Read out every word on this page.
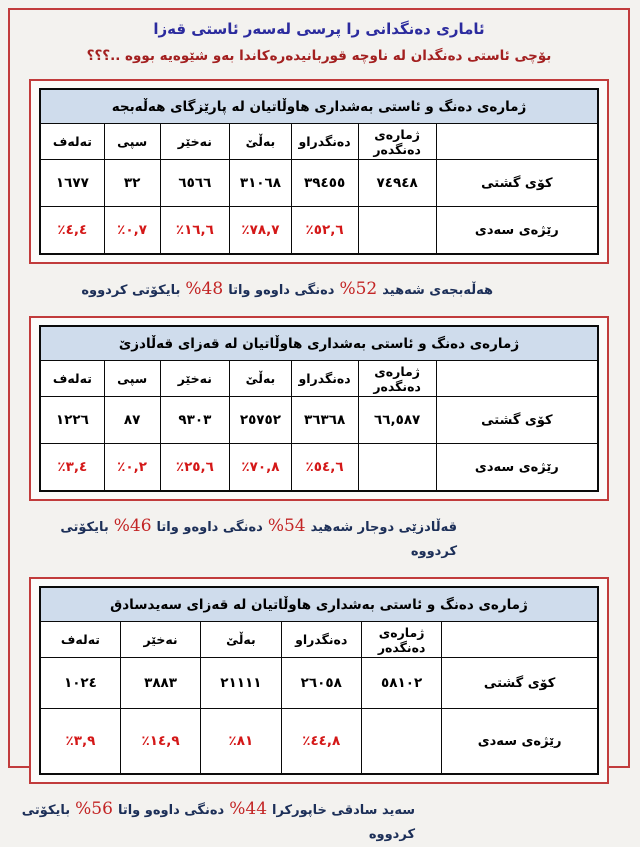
ئاماری دەنگدانی را پرسی لەسەر ئاستی قەزا
بۆچی ئاستی دەنگدان لە ناوچە قوربانیدەرەکاندا بەو شێوەیە بووە ..؟؟؟
ژمارەی دەنگ و ئاستی بەشداری هاوڵاتیان لە پارێزگای هەڵەبجە						
	ژمارەی دەنگدەر	دەنگدراو	بەڵێ	نەخێر	سپی	تەلەف
کۆی گشتی	٧٤٩٤٨	٣٩٤٥٥	٣١٠٦٨	٦٥٦٦	٣٢	١٦٧٧
رێژەی سەدی		٪٥٢,٦	٪٧٨,٧	٪١٦,٦	٪٠,٧	٪٤,٤
هەڵەبجەی شەهید%52دەنگی داوەو واتا%48بایکۆتی کردووە
ژمارەی دەنگ و ئاستی بەشداری هاوڵاتیان لە قەزای قەڵادزێ						
	ژمارەی دەنگدەر	دەنگدراو	بەڵێ	نەخێر	سپی	تەلەف
کۆی گشتی	٦٦,٥٨٧	٣٦٣٦٨	٢٥٧٥٢	٩٣٠٣	٨٧	١٢٢٦
رێژەی سەدی		٪٥٤,٦	٪٧٠,٨	٪٢٥,٦	٪٠,٢	٪٣,٤
قەڵادزێی دوجار شەهید%54دەنگی داوەو واتا%46بایکۆتی کردووە
ژمارەی دەنگ و ئاستی بەشداری هاوڵاتیان لە قەزای سەیدسادق					
	ژمارەی دەنگدەر	دەنگدراو	بەڵێ	نەخێر	تەلەف
کۆی گشتی	٥٨١٠٢	٢٦٠٥٨	٢١١١١	٣٨٨٣	١٠٢٤
رێژەی سەدی		٪٤٤,٨	٪٨١	٪١٤,٩	٪٣,٩
سەید سادقی خاپورکرا%44دەنگی داوەو واتا%56بایکۆتی کردووە
